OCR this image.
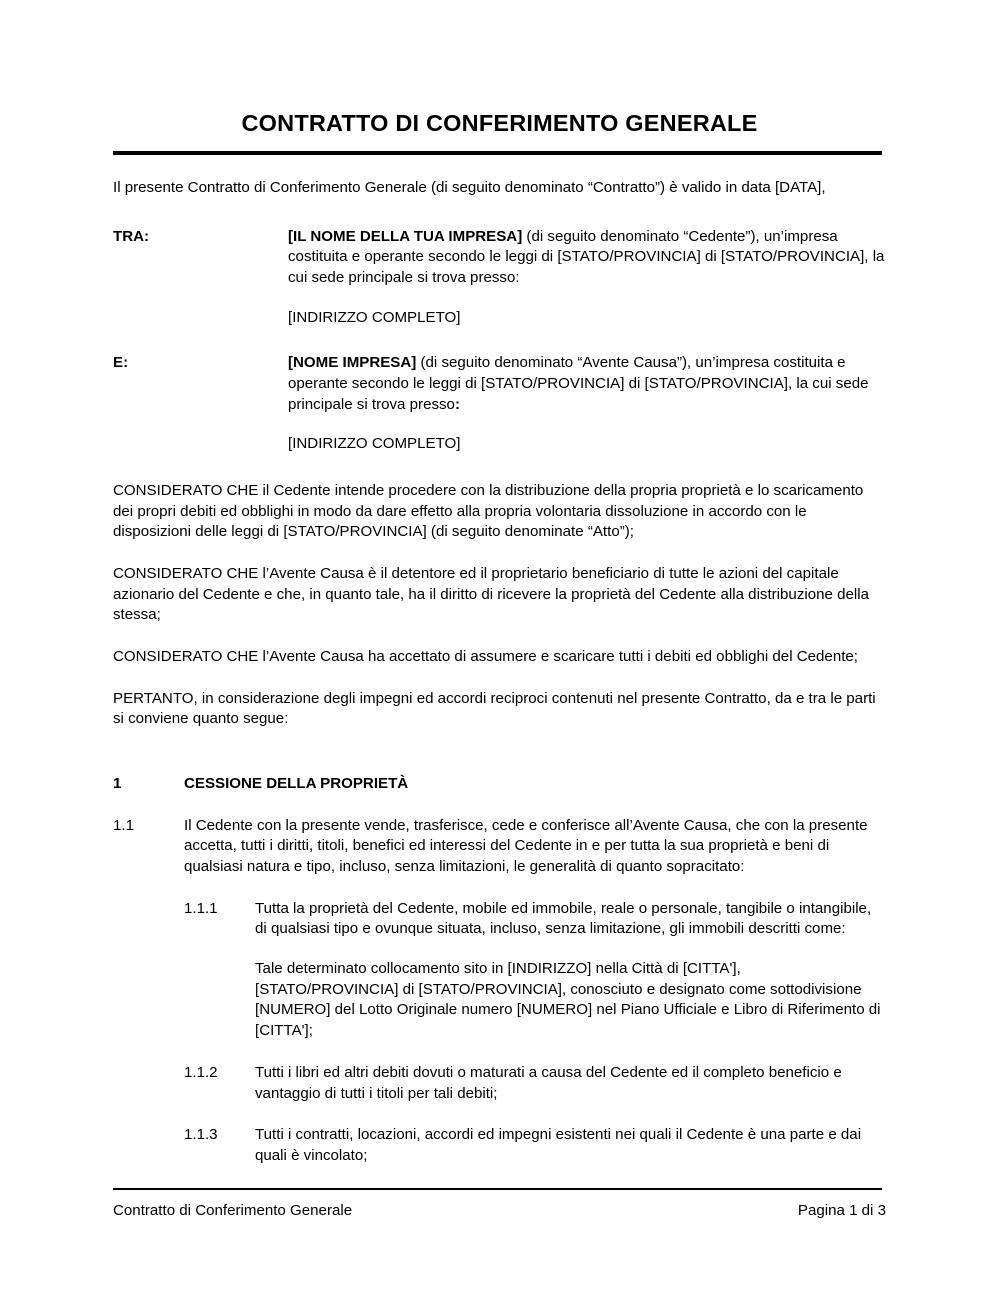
CONTRATTO DI CONFERIMENTO GENERALE

Il presente Contratto di Conferimento Generale (di seguito denominato “Contratto”) è valido in data [DATA],

TRA:	[IL NOME DELLA TUA IMPRESA] (di seguito denominato “Cedente”), un’impresa costituita e operante secondo le leggi di [STATO/PROVINCIA] di [STATO/PROVINCIA], la cui sede principale si trova presso:
[INDIRIZZO COMPLETO]
E:	[NOME IMPRESA] (di seguito denominato “Avente Causa”), un’impresa costituita e operante secondo le leggi di [STATO/PROVINCIA] di [STATO/PROVINCIA], la cui sede principale si trova presso:
[INDIRIZZO COMPLETO]

CONSIDERATO CHE il Cedente intende procedere con la distribuzione della propria proprietà e lo scaricamento dei propri debiti ed obblighi in modo da dare effetto alla propria volontaria dissoluzione in accordo con le disposizioni delle leggi di [STATO/PROVINCIA] (di seguito denominate “Atto”);

CONSIDERATO CHE l’Avente Causa è il detentore ed il proprietario beneficiario di tutte le azioni del capitale azionario del Cedente e che, in quanto tale, ha il diritto di ricevere la proprietà del Cedente alla distribuzione della stessa;

CONSIDERATO CHE l’Avente Causa ha accettato di assumere e scaricare tutti i debiti ed obblighi del Cedente;

PERTANTO, in considerazione degli impegni ed accordi reciproci contenuti nel presente Contratto, da e tra le parti si conviene quanto segue:

1	CESSIONE DELLA PROPRIETÀ
1.1	Il Cedente con la presente vende, trasferisce, cede e conferisce all’Avente Causa, che con la presente accetta, tutti i diritti, titoli, benefici ed interessi del Cedente in e per tutta la sua proprietà e beni di qualsiasi natura e tipo, incluso, senza limitazioni, le generalità di quanto sopracitato:
1.1.1	Tutta la proprietà del Cedente, mobile ed immobile, reale o personale, tangibile o intangibile, di qualsiasi tipo e ovunque situata, incluso, senza limitazione, gli immobili descritti come:
Tale determinato collocamento sito in [INDIRIZZO] nella Città di [CITTA'], [STATO/PROVINCIA] di [STATO/PROVINCIA], conosciuto e designato come sottodivisione [NUMERO] del Lotto Originale numero [NUMERO] nel Piano Ufficiale e Libro di Riferimento di [CITTA'];
1.1.2	Tutti i libri ed altri debiti dovuti o maturati a causa del Cedente ed il completo beneficio e vantaggio di tutti i titoli per tali debiti;
1.1.3	Tutti i contratti, locazioni, accordi ed impegni esistenti nei quali il Cedente è una parte e dai quali è vincolato;
Contratto di Conferimento Generale	Pagina 1 di 3
